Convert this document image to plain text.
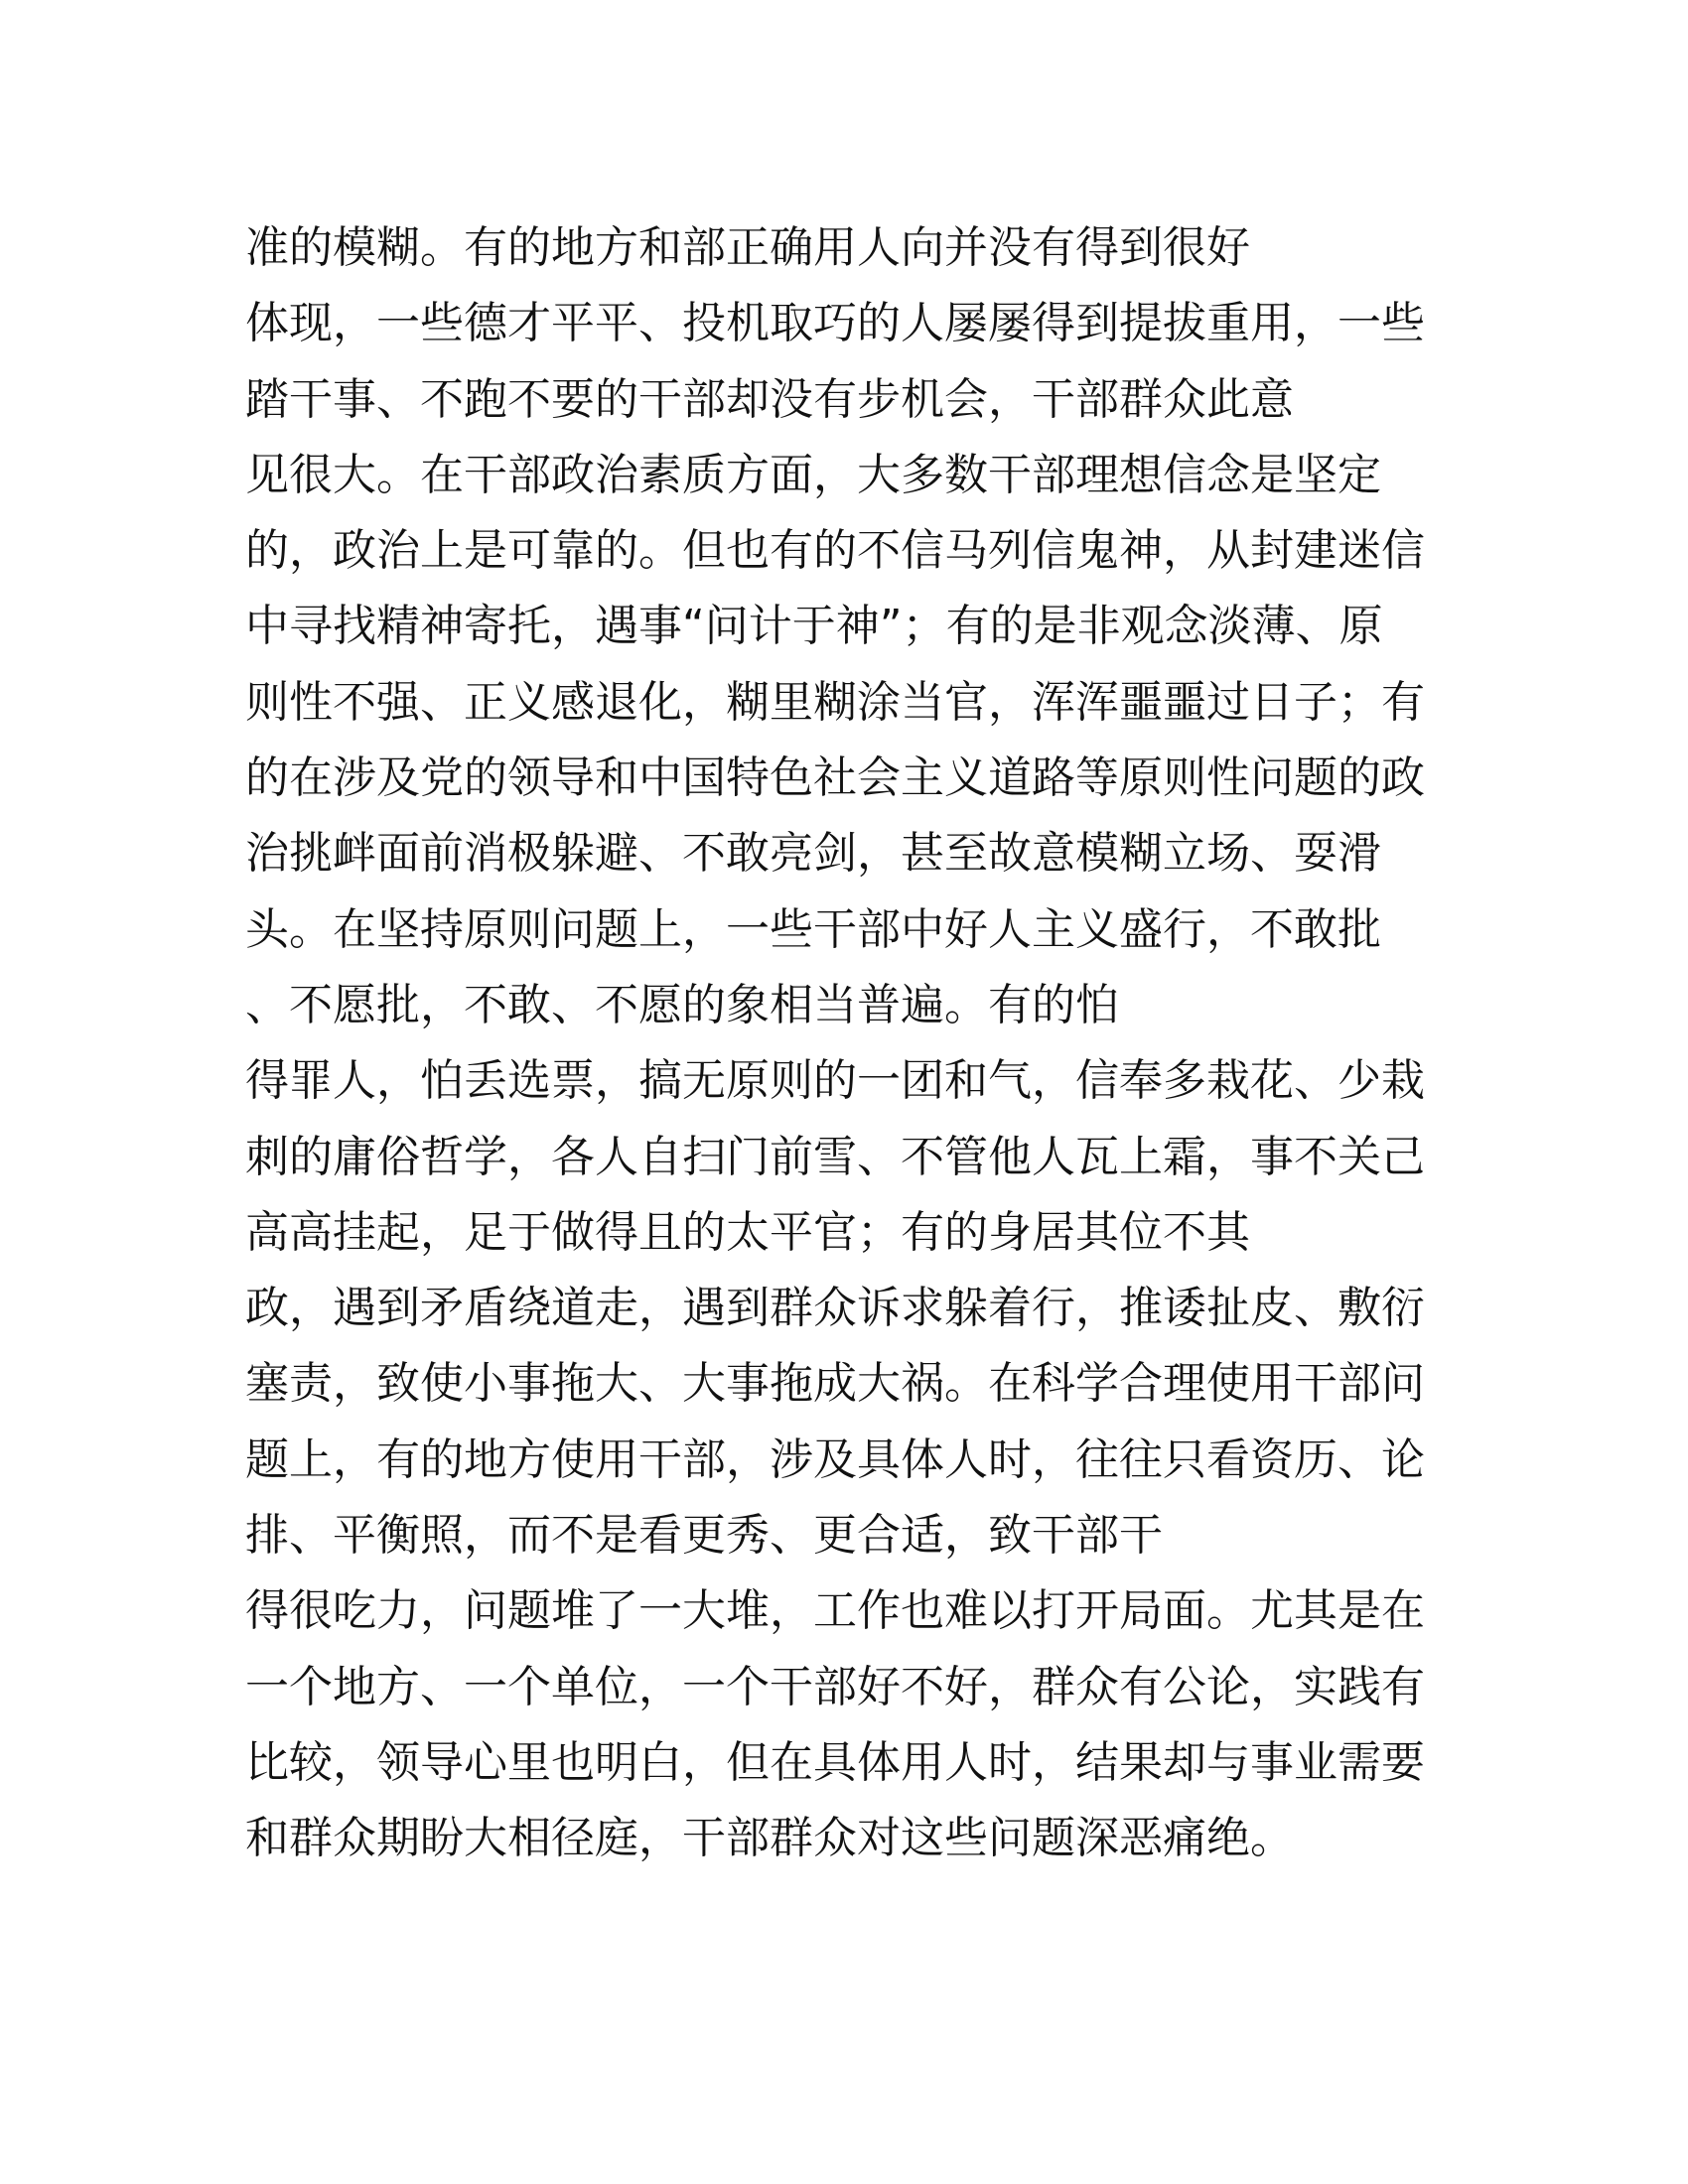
准的模糊。有的地方和部正确用人向并没有得到很好
体现，一些德才平平、投机取巧的人屡屡得到提拔重用，一些
踏干事、不跑不要的干部却没有步机会，干部群众此意
见很大。在干部政治素质方面，大多数干部理想信念是坚定
的，政治上是可靠的。但也有的不信马列信鬼神，从封建迷信
中寻找精神寄托，遇事“问计于神”；有的是非观念淡薄、原
则性不强、正义感退化，糊里糊涂当官，浑浑噩噩过日子；有
的在涉及党的领导和中国特色社会主义道路等原则性问题的政
治挑衅面前消极躲避、不敢亮剑，甚至故意模糊立场、耍滑
头。在坚持原则问题上，一些干部中好人主义盛行，不敢批
、不愿批，不敢、不愿的象相当普遍。有的怕
得罪人，怕丢选票，搞无原则的一团和气，信奉多栽花、少栽
刺的庸俗哲学，各人自扫门前雪、不管他人瓦上霜，事不关己
高高挂起，足于做得且的太平官；有的身居其位不其
政，遇到矛盾绕道走，遇到群众诉求躲着行，推诿扯皮、敷衍
塞责，致使小事拖大、大事拖成大祸。在科学合理使用干部问
题上，有的地方使用干部，涉及具体人时，往往只看资历、论
排、平衡照，而不是看更秀、更合适，致干部干
得很吃力，问题堆了一大堆，工作也难以打开局面。尤其是在
一个地方、一个单位，一个干部好不好，群众有公论，实践有
比较，领导心里也明白，但在具体用人时，结果却与事业需要
和群众期盼大相径庭，干部群众对这些问题深恶痛绝。
